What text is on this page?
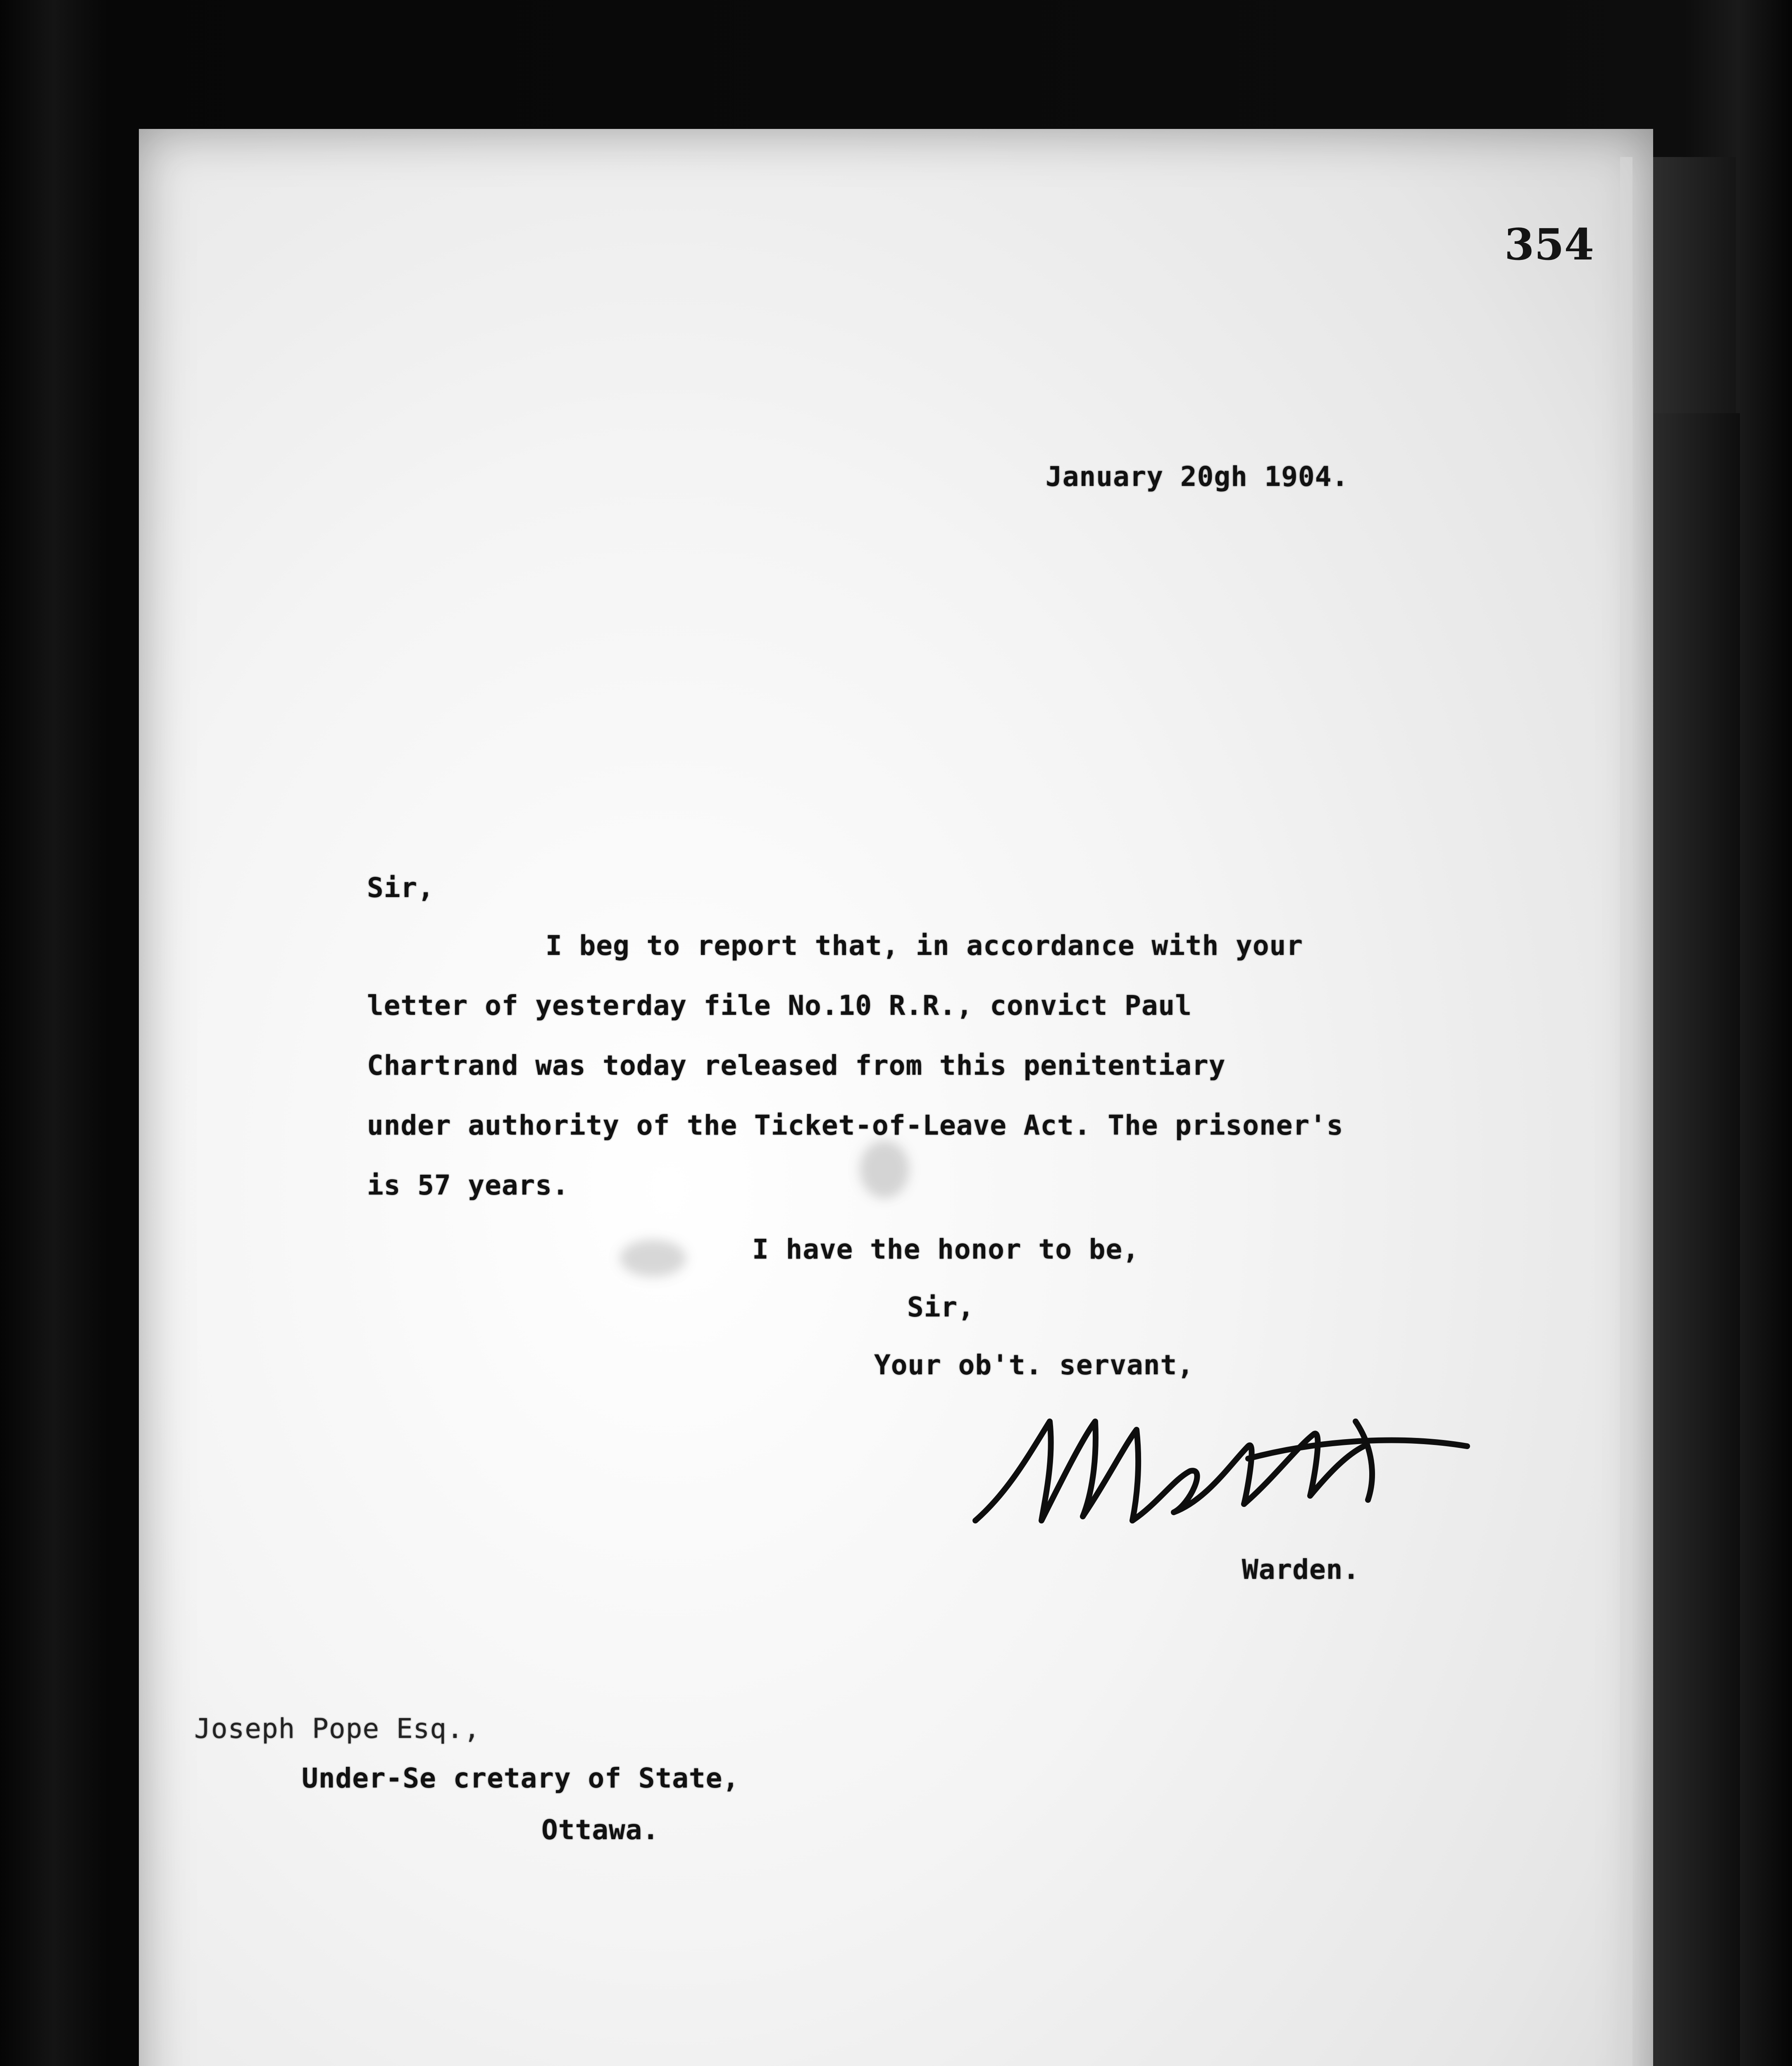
354
January 20gh 1904.
Sir,
I beg to report that, in accordance with your
letter of yesterday file No.10 R.R., convict Paul
Chartrand was today released from this penitentiary
under authority of the Ticket-of-Leave Act. The prisoner's
is 57 years.
I have the honor to be,
Sir,
Your ob't. servant,
Warden.
Joseph Pope Esq.,
Under-Se cretary of State,
Ottawa.
